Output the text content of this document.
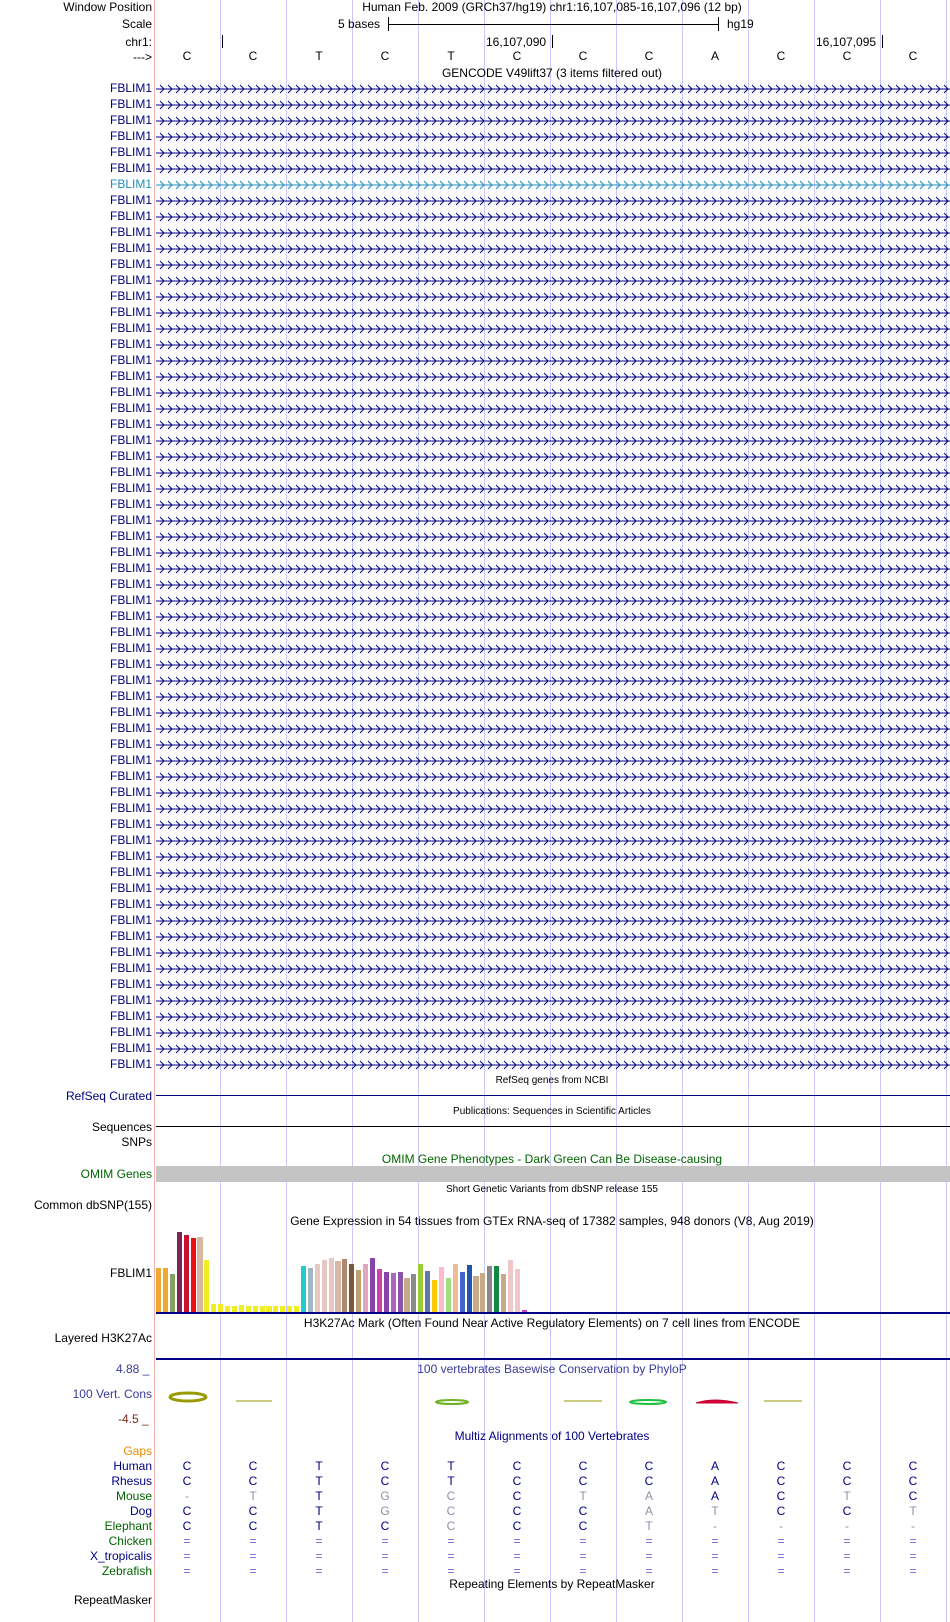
Window Position	Human Feb. 2009 (GRCh37/hg19) chr1:16,107,085-16,107,096 (12 bp)
Scale	5 bases	hg19
chr1:	16,107,090	16,107,095
--->	C	C	T	C	T	C	C	C	A	C	C	C
GENCODE V49lift37 (3 items filtered out)
FBLIM1
FBLIM1
FBLIM1
FBLIM1
FBLIM1
FBLIM1
FBLIM1
FBLIM1
FBLIM1
FBLIM1
FBLIM1
FBLIM1
FBLIM1
FBLIM1
FBLIM1
FBLIM1
FBLIM1
FBLIM1
FBLIM1
FBLIM1
FBLIM1
FBLIM1
FBLIM1
FBLIM1
FBLIM1
FBLIM1
FBLIM1
FBLIM1
FBLIM1
FBLIM1
FBLIM1
FBLIM1
FBLIM1
FBLIM1
FBLIM1
FBLIM1
FBLIM1
FBLIM1
FBLIM1
FBLIM1
FBLIM1
FBLIM1
FBLIM1
FBLIM1
FBLIM1
FBLIM1
FBLIM1
FBLIM1
FBLIM1
FBLIM1
FBLIM1
FBLIM1
FBLIM1
FBLIM1
FBLIM1
FBLIM1
FBLIM1
FBLIM1
FBLIM1
FBLIM1
FBLIM1
FBLIM1
RefSeq genes from NCBI
RefSeq Curated
Publications: Sequences in Scientific Articles
Sequences
SNPs
OMIM Gene Phenotypes - Dark Green Can Be Disease-causing
OMIM Genes
Short Genetic Variants from dbSNP release 155
Common dbSNP(155)
Gene Expression in 54 tissues from GTEx RNA-seq of 17382 samples, 948 donors (V8, Aug 2019)
FBLIM1
H3K27Ac Mark (Often Found Near Active Regulatory Elements) on 7 cell lines from ENCODE
Layered H3K27Ac
100 vertebrates Basewise Conservation by PhyloP
4.88 _
100 Vert. Cons
-4.5 _
Multiz Alignments of 100 Vertebrates
Gaps
Human	C	C	T	C	T	C	C	C	A	C	C	C
Rhesus	C	C	T	C	T	C	C	C	A	C	C	C
Mouse	-	T	T	G	C	C	T	A	A	C	T	C
Dog	C	C	T	G	C	C	C	A	T	C	C	T
Elephant	C	C	T	C	C	C	C	T	-	-	-	-
Chicken	=	=	=	=	=	=	=	=	=	=	=	=
X_tropicalis	=	=	=	=	=	=	=	=	=	=	=	=
Zebrafish	=	=	=	=	=	=	=	=	=	=	=	=
Repeating Elements by RepeatMasker
RepeatMasker
